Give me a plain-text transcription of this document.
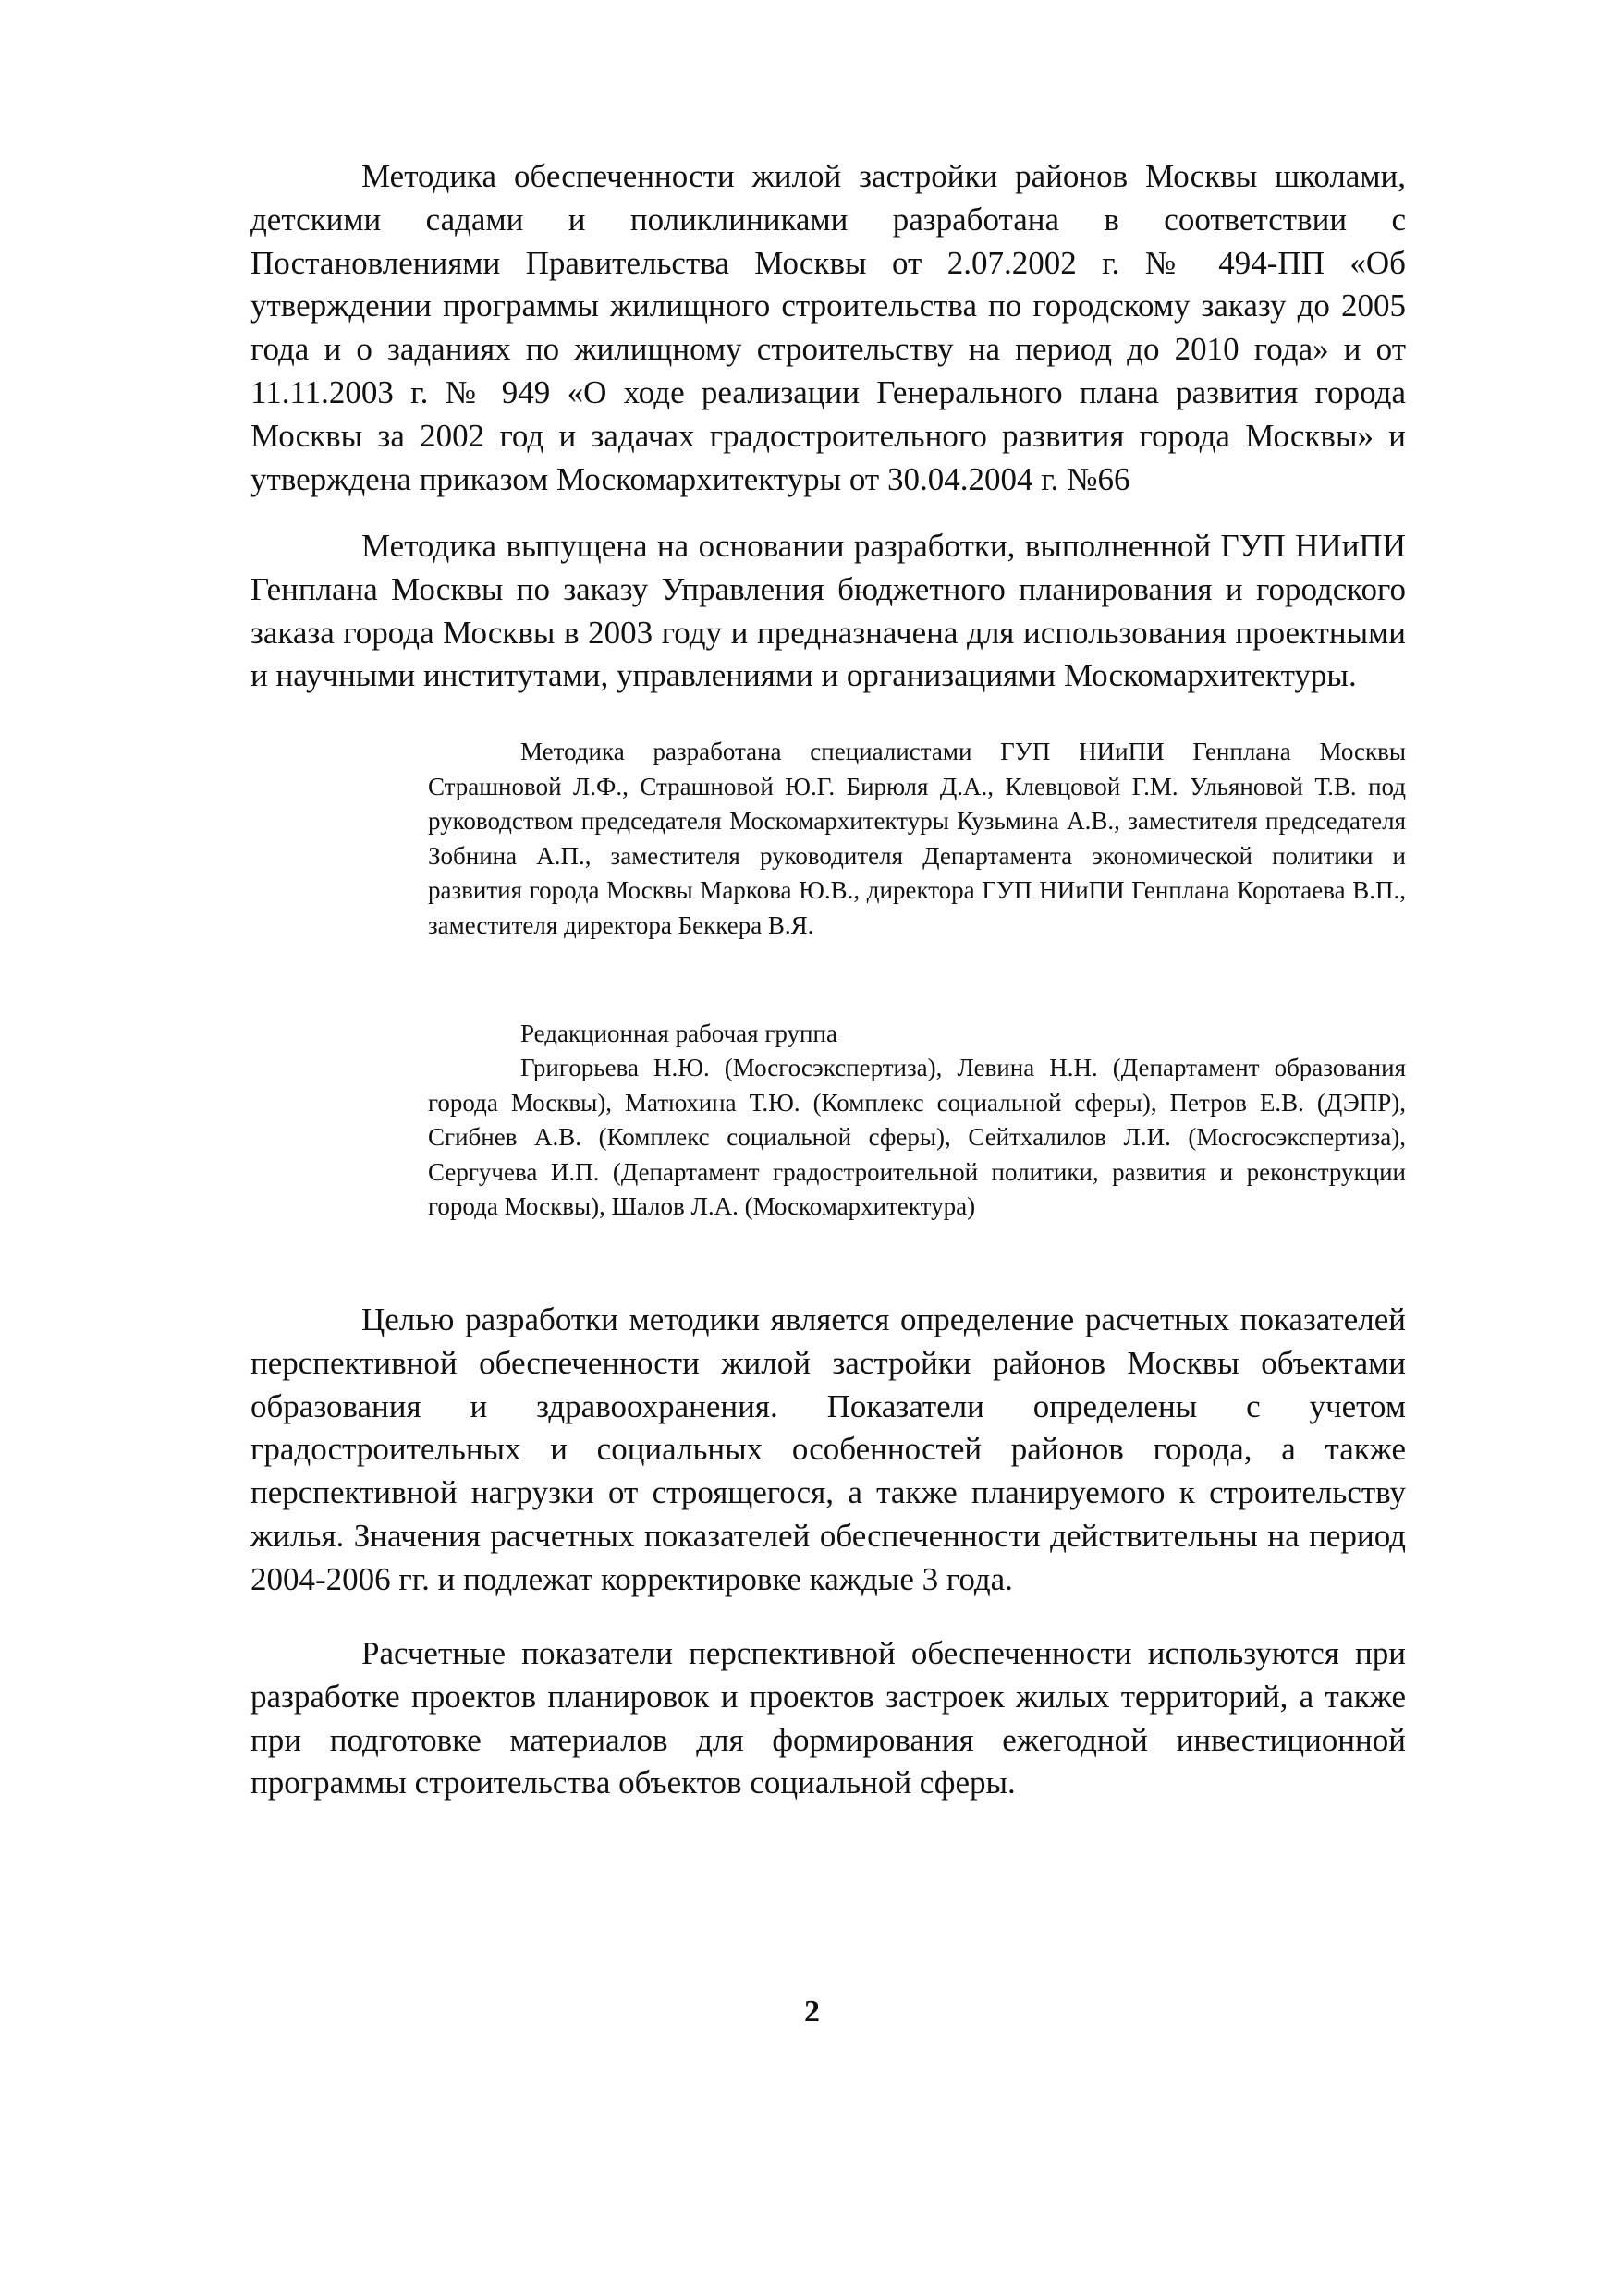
Методика обеспеченности жилой застройки районов Москвы школами, детскими садами и поликлиниками разработана в соответствии с Постановлениями Правительства Москвы от 2.07.2002 г. № 494-ПП «Об утверждении программы жилищного строительства по городскому заказу до 2005 года и о заданиях по жилищному строительству на период до 2010 года» и от 11.11.2003 г. № 949 «О ходе реализации Генерального плана развития города Москвы за 2002 год и задачах градостроительного развития города Москвы» и утверждена приказом Москомархитектуры от 30.04.2004 г. №66

Методика выпущена на основании разработки, выполненной ГУП НИиПИ Генплана Москвы по заказу Управления бюджетного планирования и городского заказа города Москвы в 2003 году и предназначена для использования проектными и научными институтами, управлениями и организациями Москомархитектуры.

Методика разработана специалистами ГУП НИиПИ Генплана Москвы Страшновой Л.Ф., Страшновой Ю.Г. Бирюля Д.А., Клевцовой Г.М. Ульяновой Т.В. под руководством председателя Москомархитектуры Кузьмина А.В., заместителя председателя Зобнина А.П., заместителя руководителя Департамента экономической политики и развития города Москвы Маркова Ю.В., директора ГУП НИиПИ Генплана Коротаева В.П., заместителя директора Беккера В.Я.

Редакционная рабочая группа

Григорьева Н.Ю. (Мосгосэкспертиза), Левина Н.Н. (Департамент образования города Москвы), Матюхина Т.Ю. (Комплекс социальной сферы), Петров Е.В. (ДЭПР), Сгибнев А.В. (Комплекс социальной сферы), Сейтхалилов Л.И. (Мосгосэкспертиза), Сергучева И.П. (Департамент градостроительной политики, развития и реконструкции города Москвы), Шалов Л.А. (Москомархитектура)

Целью разработки методики является определение расчетных показателей перспективной обеспеченности жилой застройки районов Москвы объектами образования и здравоохранения. Показатели определены с учетом градостроительных и социальных особенностей районов города, а также перспективной нагрузки от строящегося, а также планируемого к строительству жилья. Значения расчетных показателей обеспеченности действительны на период 2004-2006 гг. и подлежат корректировке каждые 3 года.

Расчетные показатели перспективной обеспеченности используются при разработке проектов планировок и проектов застроек жилых территорий, а также при подготовке материалов для формирования ежегодной инвестиционной программы строительства объектов социальной сферы.

2
